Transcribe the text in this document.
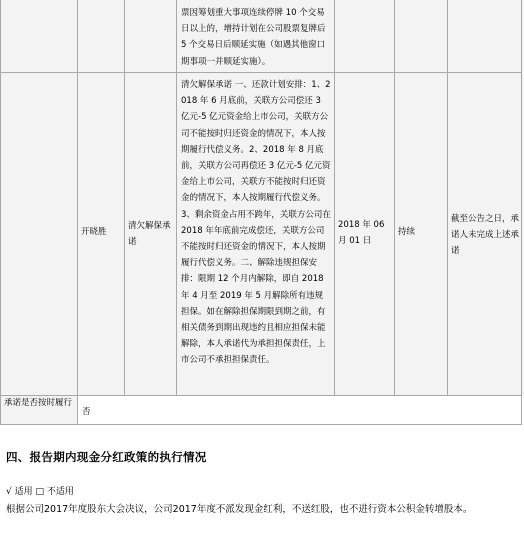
票因筹划重大事项连续停牌 10 个交易日以上的，增持计划在公司股票复牌后 5 个交易日后顺延实施（如遇其他窗口期事项一并顺延实施）。
开晓胜
清欠解保承诺
清欠解保承诺 一、还款计划安排：1、2018 年 6 月底前，关联方公司偿还 3 亿元-5 亿元资金给上市公司，关联方公司不能按时归还资金的情况下，本人按期履行代偿义务。2、2018 年 8 月底前，关联方公司再偿还 3 亿元-5 亿元资金给上市公司，关联方不能按时归还资金的情况下，本人按期履行代偿义务。3、剩余资金占用不跨年，关联方公司在 2018 年年底前完成偿还，关联方公司不能按时归还资金的情况下，本人按期履行代偿义务。二、解除违规担保安排：限期 12 个月内解除，即自 2018 年 4 月至 2019 年 5 月解除所有违规担保。如在解除担保期限到期之前，有相关债务到期出现违约且相应担保未能解除，本人承诺代为承担担保责任，上市公司不承担担保责任。
2018 年 06 月 01 日
持续
截至公告之日，承诺人未完成上述承诺
承诺是否按时履行
否
四、报告期内现金分红政策的执行情况
√ 适用 □ 不适用
根据公司2017年度股东大会决议，公司2017年度不派发现金红利，不送红股，也不进行资本公积金转增股本。
